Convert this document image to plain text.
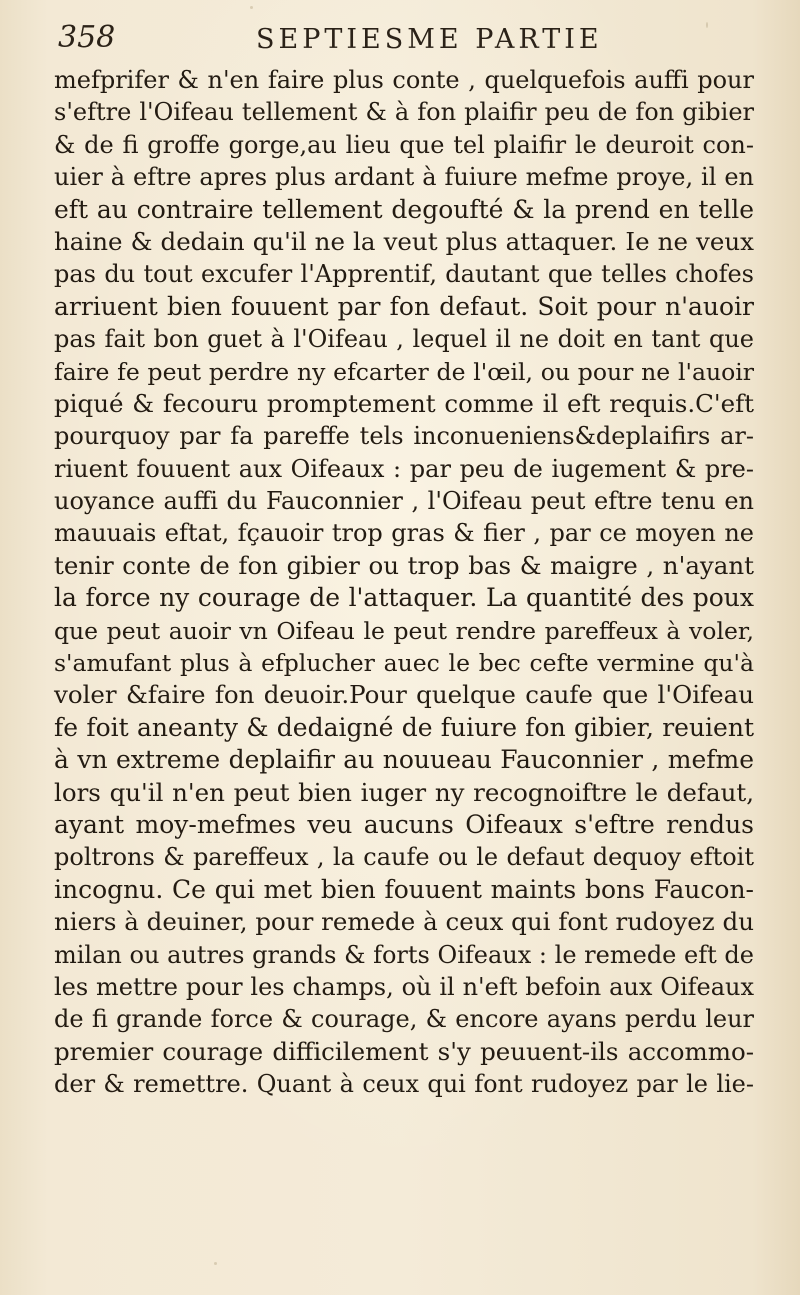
358	SEPTIESME PARTIE
mefprifer & n'en faire plus conte , quelquefois auffi pour
s'eftre l'Oifeau tellement & à fon plaifir peu de fon gibier
& de fi groffe gorge,au lieu que tel plaifir le deuroit con-
uier à eftre apres plus ardant à fuiure mefme proye, il en
eft au contraire tellement degoufté & la prend en telle
haine & dedain qu'il ne la veut plus attaquer. Ie ne veux
pas du tout excufer l'Apprentif, dautant que telles chofes
arriuent bien fouuent par fon defaut. Soit pour n'auoir
pas fait bon guet à l'Oifeau , lequel il ne doit en tant que
faire fe peut perdre ny efcarter de l'œil, ou pour ne l'auoir
piqué & fecouru promptement comme il eft requis.C'eft
pourquoy par fa pareffe tels inconueniens&deplaifirs ar-
riuent fouuent aux Oifeaux : par peu de iugement & pre-
uoyance auffi du Fauconnier , l'Oifeau peut eftre tenu en
mauuais eftat, fçauoir trop gras & fier , par ce moyen ne
tenir conte de fon gibier ou trop bas & maigre , n'ayant
la force ny courage de l'attaquer. La quantité des poux
que peut auoir vn Oifeau le peut rendre pareffeux à voler,
s'amufant plus à efplucher auec le bec cefte vermine qu'à
voler &faire fon deuoir.Pour quelque caufe que l'Oifeau
fe foit aneanty & dedaigné de fuiure fon gibier, reuient
à vn extreme deplaifir au nouueau Fauconnier , mefme
lors qu'il n'en peut bien iuger ny recognoiftre le defaut,
ayant moy-mefmes veu aucuns Oifeaux s'eftre rendus
poltrons & pareffeux , la caufe ou le defaut dequoy eftoit
incognu. Ce qui met bien fouuent maints bons Faucon-
niers à deuiner, pour remede à ceux qui font rudoyez du
milan ou autres grands & forts Oifeaux : le remede eft de
les mettre pour les champs, où il n'eft befoin aux Oifeaux
de fi grande force & courage, & encore ayans perdu leur
premier courage difficilement s'y peuuent-ils accommo-
der & remettre. Quant à ceux qui font rudoyez par le lie-
